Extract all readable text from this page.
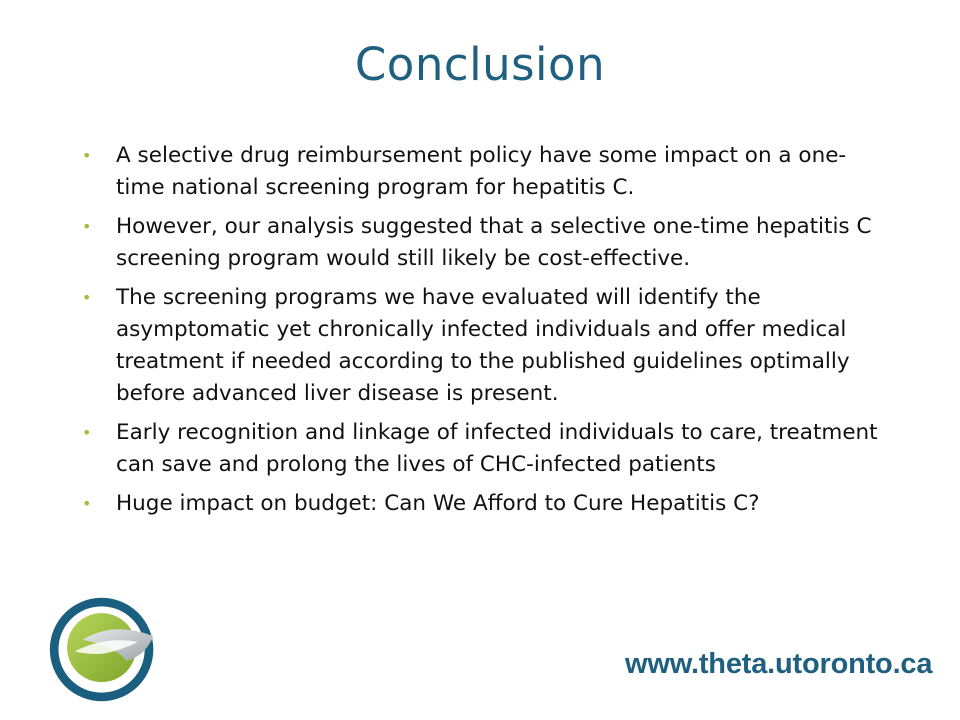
Conclusion
• A selective drug reimbursement policy have some impact on a one-time national screening program for hepatitis C.
• However, our analysis suggested that a selective one-time hepatitis C screening program would still likely be cost-effective.
• The screening programs we have evaluated will identify the asymptomatic yet chronically infected individuals and offer medical treatment if needed according to the published guidelines optimally before advanced liver disease is present.
• Early recognition and linkage of infected individuals to care, treatment can save and prolong the lives of CHC-infected patients
• Huge impact on budget: Can We Afford to Cure Hepatitis C?
www.theta.utoronto.ca
